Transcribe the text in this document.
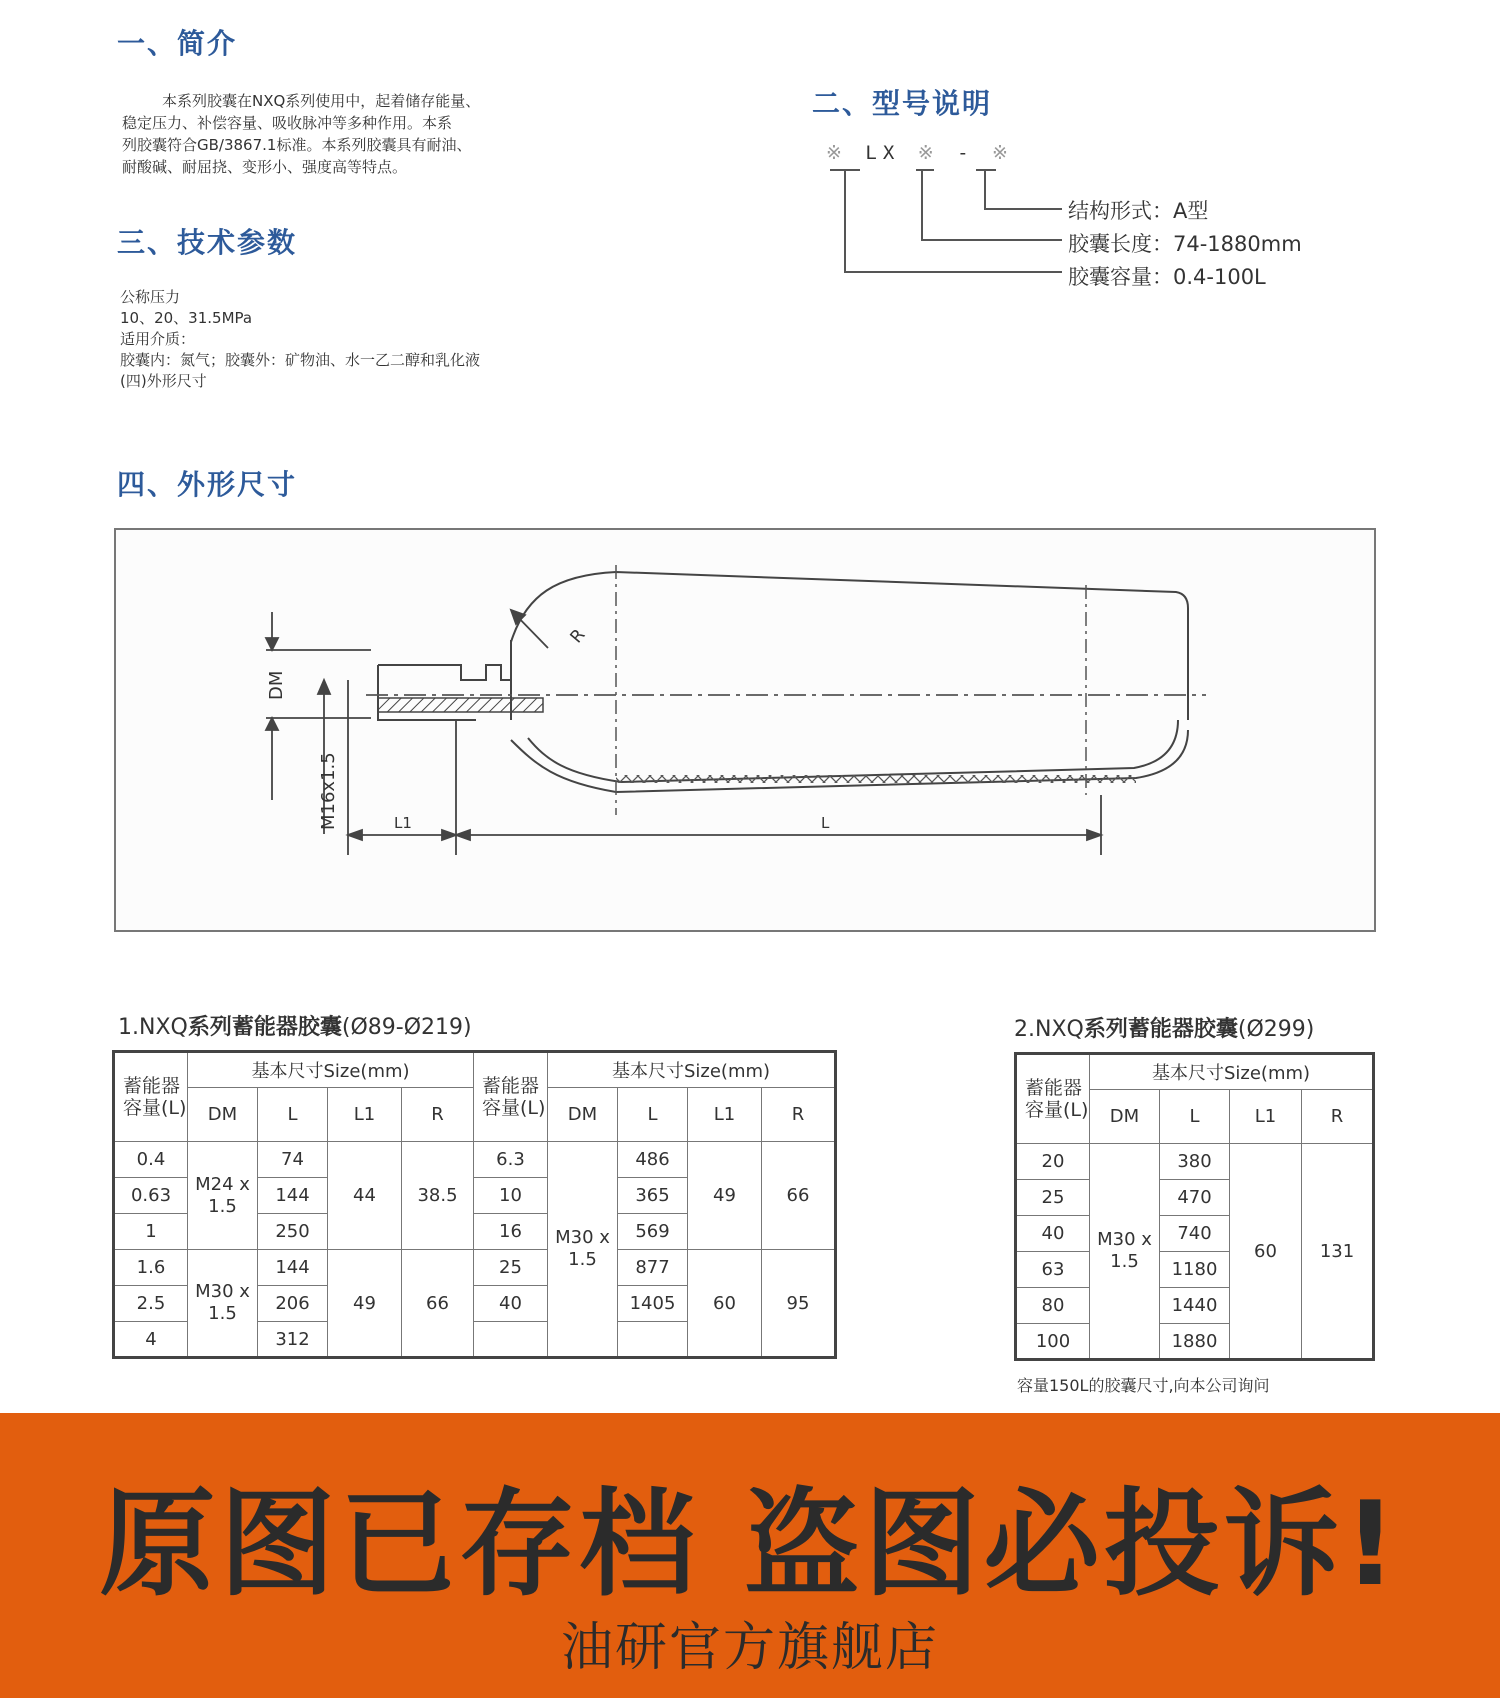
一、简介
本系列胶囊在NXQ系列使用中，起着储存能量、
稳定压力、补偿容量、吸收脉冲等多种作用。本系
列胶囊符合GB/3867.1标准。本系列胶囊具有耐油、
耐酸碱、耐屈挠、变形小、强度高等特点。
二、型号说明
※ LX ※ - ※
结构形式：A型
胶囊长度：74-1880mm
胶囊容量：0.4-100L
三、技术参数
公称压力
10、20、31.5MPa
适用介质：
胶囊内：氮气；胶囊外：矿物油、水一乙二醇和乳化液
(四)外形尺寸
四、外形尺寸
DM
M16x1.5	L1	L
R
1.NXQ系列蓄能器胶囊(Ø89-Ø219)
蓄能器容量(L)	基本尺寸Size(mm)				蓄能器容量(L)	基本尺寸Size(mm)			
	DM	L	L1	R		DM	L	L1	R
0.4	M24 x 1.5	74	44	38.5	6.3	M30 x 1.5	486	49	66
0.63		144			10		365		
1		250			16		569		
1.6	M30 x 1.5	144	49	66	25		877	60	95
2.5		206			40		1405		
4		312							
2.NXQ系列蓄能器胶囊(Ø299)
蓄能器容量(L)	基本尺寸Size(mm)			
	DM	L	L1	R
20	M30 x 1.5	380	60	131
25		470		
40		740		
63		1180		
80		1440		
100		1880		
容量150L的胶囊尺寸,向本公司询问
原图已存档 盗图必投诉!
油研官方旗舰店
